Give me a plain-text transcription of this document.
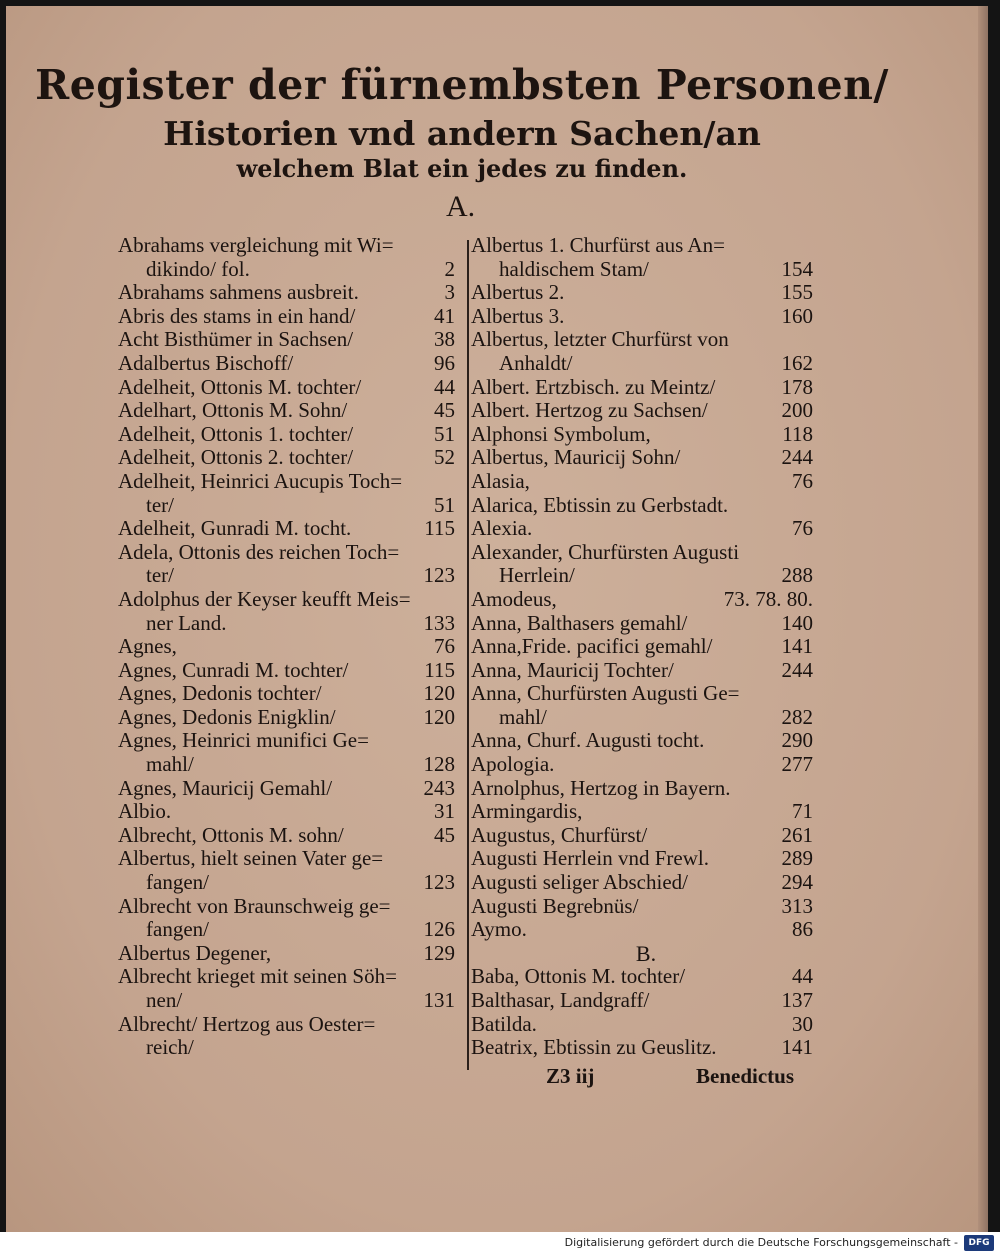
Register der fürnembsten Personen/
Historien vnd andern Sachen/an
welchem Blat ein jedes zu finden.
A.
Abrahams vergleichung mit Wi=
dikindo/ fol.	2
Abrahams sahmens ausbreit.	3
Abris des stams in ein hand/	41
Acht Bisthümer in Sachsen/	38
Adalbertus Bischoff/	96
Adelheit, Ottonis M. tochter/	44
Adelhart, Ottonis M. Sohn/	45
Adelheit, Ottonis 1. tochter/	51
Adelheit, Ottonis 2. tochter/	52
Adelheit, Heinrici Aucupis Toch=
ter/	51
Adelheit, Gunradi M. tocht.	115
Adela, Ottonis des reichen Toch=
ter/	123
Adolphus der Keyser keufft Meis=
ner Land.	133
Agnes,	76
Agnes, Cunradi M. tochter/	115
Agnes, Dedonis tochter/	120
Agnes, Dedonis Enigklin/	120
Agnes, Heinrici munifici Ge=
mahl/	128
Agnes, Mauricij Gemahl/	243
Albio.	31
Albrecht, Ottonis M. sohn/	45
Albertus, hielt seinen Vater ge=
fangen/	123
Albrecht von Braunschweig ge=
fangen/	126
Albertus Degener,	129
Albrecht krieget mit seinen Söh=
nen/	131
Albrecht/ Hertzog aus Oester=
reich/
Albertus 1. Churfürst aus An=
haldischem Stam/	154
Albertus 2.	155
Albertus 3.	160
Albertus, letzter Churfürst von
Anhaldt/	162
Albert. Ertzbisch. zu Meintz/	178
Albert. Hertzog zu Sachsen/	200
Alphonsi Symbolum,	118
Albertus, Mauricij Sohn/	244
Alasia,	76
Alarica, Ebtissin zu Gerbstadt.
Alexia.	76
Alexander, Churfürsten Augusti
Herrlein/	288
Amodeus,	73. 78. 80.
Anna, Balthasers gemahl/	140
Anna,Fride. pacifici gemahl/	141
Anna, Mauricij Tochter/	244
Anna, Churfürsten Augusti Ge=
mahl/	282
Anna, Churf. Augusti tocht.	290
Apologia.	277
Arnolphus, Hertzog in Bayern.
Armingardis,	71
Augustus, Churfürst/	261
Augusti Herrlein vnd Frewl.	289
Augusti seliger Abschied/	294
Augusti Begrebnüs/	313
Aymo.	86
B.
Baba, Ottonis M. tochter/	44
Balthasar, Landgraff/	137
Batilda.	30
Beatrix, Ebtissin zu Geuslitz.	141
Z3 iij	Benedictus
Digitalisierung gefördert durch die Deutsche Forschungsgemeinschaft -	DFG
